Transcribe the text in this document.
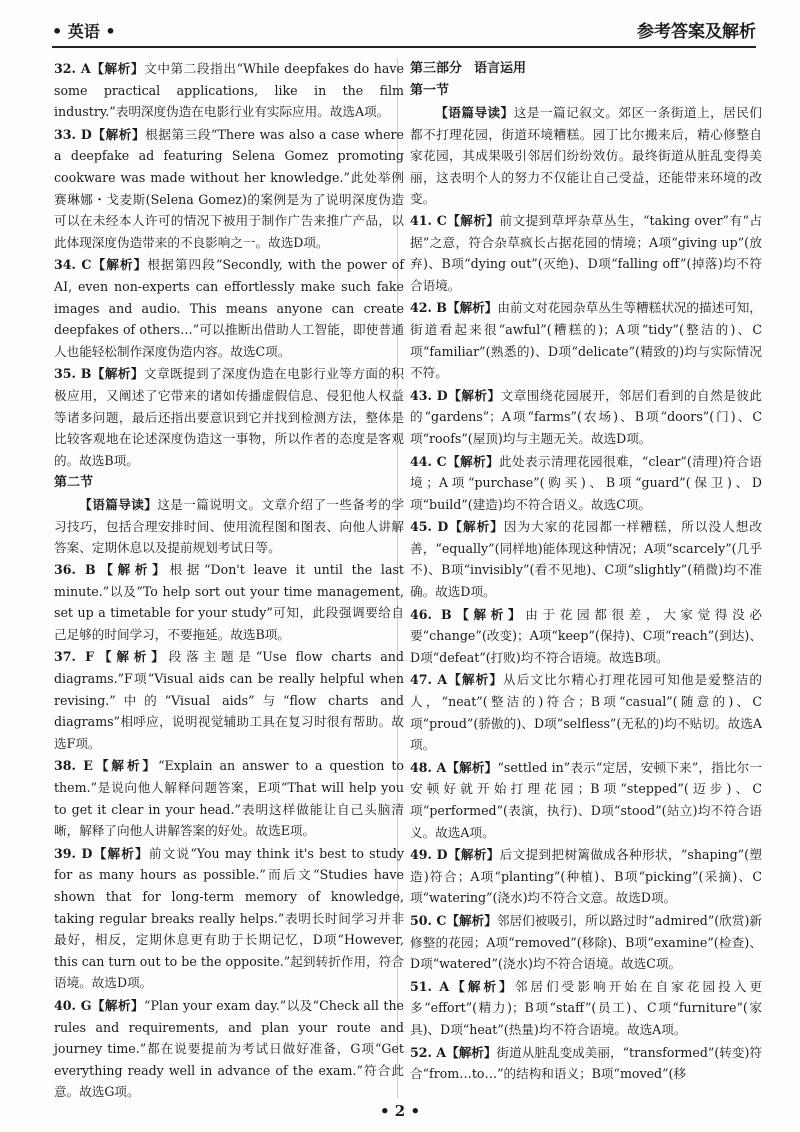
• 英语 •	参考答案及解析

32. A【解析】文中第二段指出“While deepfakes do have some practical applications, like in the film industry.”表明深度伪造在电影行业有实际应用。故选A项。

33. D【解析】根据第三段“There was also a case where a deepfake ad featuring Selena Gomez promoting cookware was made without her knowledge.”此处举例赛琳娜・戈麦斯(Selena Gomez)的案例是为了说明深度伪造可以在未经本人许可的情况下被用于制作广告来推广产品，以此体现深度伪造带来的不良影响之一。故选D项。

34. C【解析】根据第四段“Secondly, with the power of AI, even non-experts can effortlessly make such fake images and audio. This means anyone can create deepfakes of others…”可以推断出借助人工智能，即使普通人也能轻松制作深度伪造内容。故选C项。

35. B【解析】文章既提到了深度伪造在电影行业等方面的积极应用，又阐述了它带来的诸如传播虚假信息、侵犯他人权益等诸多问题，最后还指出要意识到它并找到检测方法，整体是比较客观地在论述深度伪造这一事物，所以作者的态度是客观的。故选B项。

第二节

【语篇导读】这是一篇说明文。文章介绍了一些备考的学习技巧，包括合理安排时间、使用流程图和图表、向他人讲解答案、定期休息以及提前规划考试日等。

36. B【解析】根据“Don't leave it until the last minute.”以及“To help sort out your time management, set up a timetable for your study”可知，此段强调要给自己足够的时间学习，不要拖延。故选B项。

37. F【解析】段落主题是“Use flow charts and diagrams.”F项“Visual aids can be really helpful when revising.”中的“Visual aids”与“flow charts and diagrams”相呼应，说明视觉辅助工具在复习时很有帮助。故选F项。

38. E【解析】“Explain an answer to a question to them.”是说向他人解释问题答案，E项“That will help you to get it clear in your head.”表明这样做能让自己头脑清晰，解释了向他人讲解答案的好处。故选E项。

39. D【解析】前文说“You may think it's best to study for as many hours as possible.”而后文“Studies have shown that for long-term memory of knowledge, taking regular breaks really helps.”表明长时间学习并非最好，相反，定期休息更有助于长期记忆，D项“However, this can turn out to be the opposite.”起到转折作用，符合语境。故选D项。

40. G【解析】“Plan your exam day.”以及“Check all the rules and requirements, and plan your route and journey time.”都在说要提前为考试日做好准备，G项“Get everything ready well in advance of the exam.”符合此意。故选G项。

第三部分 语言运用

第一节

【语篇导读】这是一篇记叙文。郊区一条街道上，居民们都不打理花园，街道环境糟糕。园丁比尔搬来后，精心修整自家花园，其成果吸引邻居们纷纷效仿。最终街道从脏乱变得美丽，这表明个人的努力不仅能让自己受益，还能带来环境的改变。

41. C【解析】前文提到草坪杂草丛生，“taking over”有“占据”之意，符合杂草疯长占据花园的情境；A项“giving up”(放弃)、B项“dying out”(灭绝)、D项“falling off”(掉落)均不符合语境。

42. B【解析】由前文对花园杂草丛生等糟糕状况的描述可知，街道看起来很“awful”(糟糕的)；A项“tidy”(整洁的)、C项“familiar”(熟悉的)、D项“delicate”(精致的)均与实际情况不符。

43. D【解析】文章围绕花园展开，邻居们看到的自然是彼此的“gardens”；A项“farms”(农场)、B项“doors”(门)、C项“roofs”(屋顶)均与主题无关。故选D项。

44. C【解析】此处表示清理花园很难，“clear”(清理)符合语境；A项“purchase”(购买)、B项“guard”(保卫)、D项“build”(建造)均不符合语义。故选C项。

45. D【解析】因为大家的花园都一样糟糕，所以没人想改善，“equally”(同样地)能体现这种情况；A项“scarcely”(几乎不)、B项“invisibly”(看不见地)、C项“slightly”(稍微)均不准确。故选D项。

46. B【解析】由于花园都很差，大家觉得没必要“change”(改变)；A项“keep”(保持)、C项“reach”(到达)、D项“defeat”(打败)均不符合语境。故选B项。

47. A【解析】从后文比尔精心打理花园可知他是爱整洁的人，“neat”(整洁的)符合；B项“casual”(随意的)、C项“proud”(骄傲的)、D项“selfless”(无私的)均不贴切。故选A项。

48. A【解析】“settled in”表示“定居，安顿下来”，指比尔一安顿好就开始打理花园；B项“stepped”(迈步)、C项“performed”(表演，执行)、D项“stood”(站立)均不符合语义。故选A项。

49. D【解析】后文提到把树篱做成各种形状，“shaping”(塑造)符合；A项“planting”(种植)、B项“picking”(采摘)、C项“watering”(浇水)均不符合文意。故选D项。

50. C【解析】邻居们被吸引，所以路过时“admired”(欣赏)新修整的花园；A项“removed”(移除)、B项“examine”(检查)、D项“watered”(浇水)均不符合语境。故选C项。

51. A【解析】邻居们受影响开始在自家花园投入更多“effort”(精力)；B项“staff”(员工)、C项“furniture”(家具)、D项“heat”(热量)均不符合语境。故选A项。

52. A【解析】街道从脏乱变成美丽，“transformed”(转变)符合“from…to…”的结构和语义；B项“moved”(移

• 2 •
